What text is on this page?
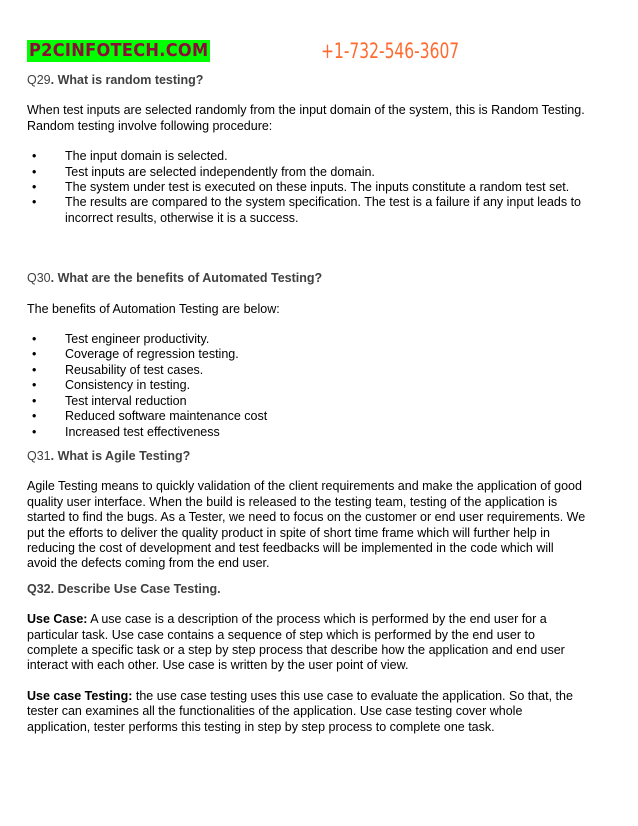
P2CINFOTECH.COM	+1-732-546-3607

Q29. What is random testing?

When test inputs are selected randomly from the input domain of the system, this is Random Testing. Random testing involve following procedure:

• The input domain is selected.
• Test inputs are selected independently from the domain.
• The system under test is executed on these inputs. The inputs constitute a random test set.
• The results are compared to the system specification. The test is a failure if any input leads to incorrect results, otherwise it is a success.

Q30. What are the benefits of Automated Testing?

The benefits of Automation Testing are below:

• Test engineer productivity.
• Coverage of regression testing.
• Reusability of test cases.
• Consistency in testing.
• Test interval reduction
• Reduced software maintenance cost
• Increased test effectiveness

Q31. What is Agile Testing?

Agile Testing means to quickly validation of the client requirements and make the application of good quality user interface. When the build is released to the testing team, testing of the application is started to find the bugs. As a Tester, we need to focus on the customer or end user requirements. We put the efforts to deliver the quality product in spite of short time frame which will further help in reducing the cost of development and test feedbacks will be implemented in the code which will avoid the defects coming from the end user.

Q32. Describe Use Case Testing.

Use Case: A use case is a description of the process which is performed by the end user for a particular task. Use case contains a sequence of step which is performed by the end user to complete a specific task or a step by step process that describe how the application and end user interact with each other. Use case is written by the user point of view.

Use case Testing: the use case testing uses this use case to evaluate the application. So that, the tester can examines all the functionalities of the application. Use case testing cover whole application, tester performs this testing in step by step process to complete one task.
